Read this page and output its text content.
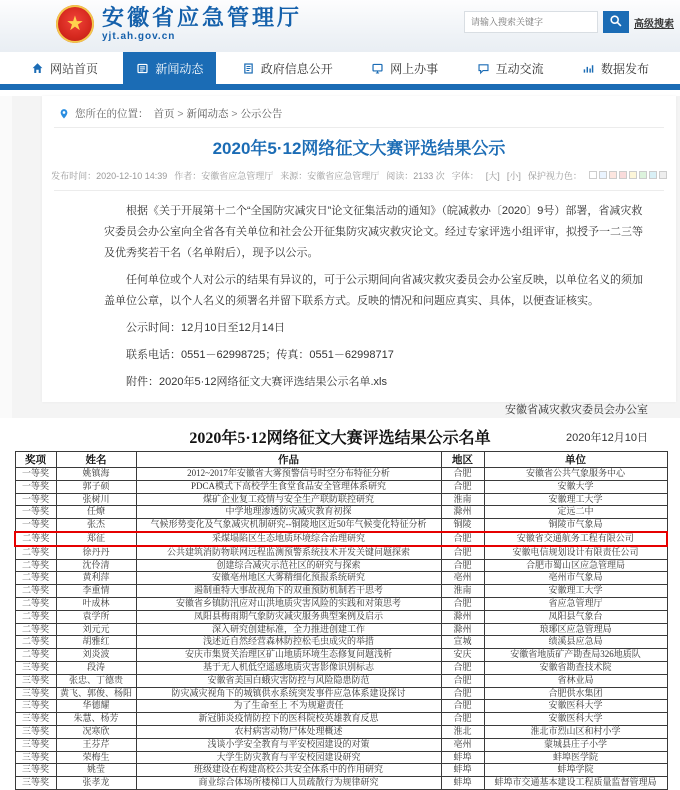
★ 安徽省应急管理厅
yjt.ah.gov.cn
请输入搜索关键字
高级搜索
网站首页	新闻动态	政府信息公开	网上办事	互动交流	数据发布
您所在的位置： 首页 > 新闻动态 > 公示公告
2020年5·12网络征文大赛评选结果公示
发布时间：2020-12-10 14:39 作者：安徽省应急管理厅 来源：安徽省应急管理厅 阅读：2133 次 字体： [大] [小] 保护视力色：

根据《关于开展第十二个“全国防灾减灾日”论文征集活动的通知》（皖减救办〔2020〕9号）部署，省减灾救灾委员会办公室向全省各有关单位和社会公开征集防灾减灾救灾论文。经过专家评选小组评审，拟授予一二三等及优秀奖若干名（名单附后），现予以公示。

任何单位或个人对公示的结果有异议的，可于公示期间向省减灾救灾委员会办公室反映，以单位名义的须加盖单位公章，以个人名义的须署名并留下联系方式。反映的情况和问题应真实、具体，以便查证核实。

公示时间：12月10日至12月14日

联系电话：0551－62998725；传真：0551－62998717

附件：2020年5·12网络征文大赛评选结果公示名单.xls

安徽省减灾救灾委员会办公室
2020年12月10日
2020年5·12网络征文大赛评选结果公示名单
奖项	姓名	作品	地区	单位
一等奖	姚镇海	2012~2017年安徽省大雾预警信号时空分布特征分析	合肥	安徽省公共气象服务中心
一等奖	郭子硕	PDCA模式下高校学生食堂食品安全管理体系研究	合肥	安徽大学
一等奖	张树川	煤矿企业复工疫情与安全生产联防联控研究	淮南	安徽理工大学
一等奖	任燎	中学地理渗透防灾减灾教育初探	滁州	定远二中
一等奖	张杰	气候形势变化及气象减灾机制研究--铜陵地区近50年气候变化特征分析	铜陵	铜陵市气象局
二等奖	郑征	采煤塌陷区生态地质环境综合治理研究	合肥	安徽省交通航务工程有限公司
二等奖	徐丹丹	公共建筑消防物联网远程监测预警系统技术开发关键问题探索	合肥	安徽电信规划设计有限责任公司
二等奖	沈伶清	创建综合减灾示范社区的研究与探索	合肥	合肥市蜀山区应急管理局
二等奖	黄利萍	安徽亳州地区大雾精细化预报系统研究	亳州	亳州市气象局
二等奖	李重情	遏制重特大事故视角下的双重预防机制若干思考	淮南	安徽理工大学
二等奖	叶成林	安徽省乡镇防汛应对山洪地质灾害风险的实践和对策思考	合肥	省应急管理厅
二等奖	袁学所	凤阳县梅雨期气象防灾减灾服务典型案例及启示	滁州	凤阳县气象台
二等奖	刘元元	深入研究创建标准，全力推进创建工作	滁州	琅琊区应急管理局
二等奖	胡雅红	浅述近自然经营森林防控松毛虫成灾的举措	宣城	绩溪县应急局
二等奖	刘炎波	安庆市集贤关治理区矿山地质环境生态修复问题浅析	安庆	安徽省地质矿产勘查局326地质队
三等奖	段涛	基于无人机低空遥感地质灾害影像识别标志	合肥	安徽省勘查技术院
三等奖	张忠、丁德贵	安徽省美国白蛾灾害防控与风险隐患防范	合肥	省林业局
三等奖	黄飞、郭俊、杨阳	防灾减灾视角下的城镇供水系统突发事件应急体系建设探讨	合肥	合肥供水集团
三等奖	华德耀	为了生命至上 不为规避责任	合肥	安徽医科大学
三等奖	朱慧、杨芳	新冠肺炎疫情防控下的医科院校英雄教育反思	合肥	安徽医科大学
三等奖	况寒欣	农村病害动物尸体处理概述	淮北	淮北市烈山区和村小学
三等奖	王芬芹	浅谈小学安全教育与平安校园建设的对策	亳州	蒙城县庄子小学
三等奖	荣梅生	大学生防灾教育与平安校园建设研究	蚌埠	蚌埠医学院
三等奖	姚莹	班级建设在构建高校公共安全体系中的作用研究	蚌埠	蚌埠学院
三等奖	张孝龙	商业综合体场所楼梯口人员疏散行为规律研究	蚌埠	蚌埠市交通基本建设工程质量监督管理局
